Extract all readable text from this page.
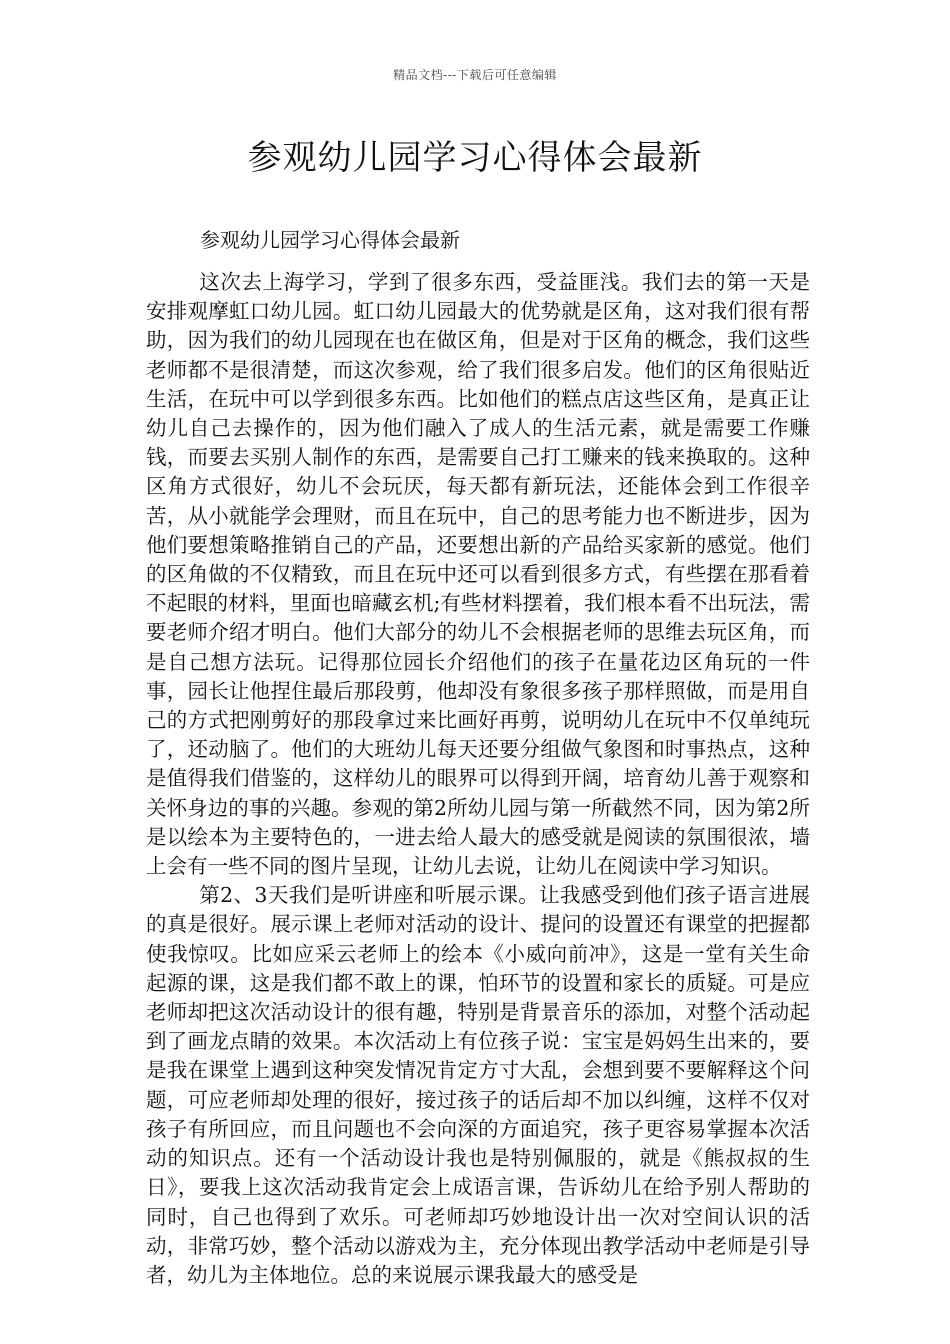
精品文档---下载后可任意编辑
参观幼儿园学习心得体会最新
参观幼儿园学习心得体会最新

这次去上海学习，学到了很多东西，受益匪浅。我们去的第一天是安排观摩虹口幼儿园。虹口幼儿园最大的优势就是区角，这对我们很有帮助，因为我们的幼儿园现在也在做区角，但是对于区角的概念，我们这些老师都不是很清楚，而这次参观，给了我们很多启发。他们的区角很贴近生活，在玩中可以学到很多东西。比如他们的糕点店这些区角，是真正让幼儿自己去操作的，因为他们融入了成人的生活元素，就是需要工作赚钱，而要去买别人制作的东西，是需要自己打工赚来的钱来换取的。这种区角方式很好，幼儿不会玩厌，每天都有新玩法，还能体会到工作很辛苦，从小就能学会理财，而且在玩中，自己的思考能力也不断进步，因为他们要想策略推销自己的产品，还要想出新的产品给买家新的感觉。他们的区角做的不仅精致，而且在玩中还可以看到很多方式，有些摆在那看着不起眼的材料，里面也暗藏玄机;有些材料摆着，我们根本看不出玩法，需要老师介绍才明白。他们大部分的幼儿不会根据老师的思维去玩区角，而是自己想方法玩。记得那位园长介绍他们的孩子在量花边区角玩的一件事，园长让他捏住最后那段剪，他却没有象很多孩子那样照做，而是用自己的方式把刚剪好的那段拿过来比画好再剪，说明幼儿在玩中不仅单纯玩了，还动脑了。他们的大班幼儿每天还要分组做气象图和时事热点，这种是值得我们借鉴的，这样幼儿的眼界可以得到开阔，培育幼儿善于观察和关怀身边的事的兴趣。参观的第2所幼儿园与第一所截然不同，因为第2所是以绘本为主要特色的，一进去给人最大的感受就是阅读的氛围很浓，墙上会有一些不同的图片呈现，让幼儿去说，让幼儿在阅读中学习知识。

第2、3天我们是听讲座和听展示课。让我感受到他们孩子语言进展的真是很好。展示课上老师对活动的设计、提问的设置还有课堂的把握都使我惊叹。比如应采云老师上的绘本《小威向前冲》，这是一堂有关生命起源的课，这是我们都不敢上的课，怕环节的设置和家长的质疑。可是应老师却把这次活动设计的很有趣，特别是背景音乐的添加，对整个活动起到了画龙点睛的效果。本次活动上有位孩子说：宝宝是妈妈生出来的，要是我在课堂上遇到这种突发情况肯定方寸大乱，会想到要不要解释这个问题，可应老师却处理的很好，接过孩子的话后却不加以纠缠，这样不仅对孩子有所回应，而且问题也不会向深的方面追究，孩子更容易掌握本次活动的知识点。还有一个活动设计我也是特别佩服的，就是《熊叔叔的生日》，要我上这次活动我肯定会上成语言课，告诉幼儿在给予别人帮助的同时，自己也得到了欢乐。可老师却巧妙地设计出一次对空间认识的活动，非常巧妙，整个活动以游戏为主，充分体现出教学活动中老师是引导者，幼儿为主体地位。总的来说展示课我最大的感受是
